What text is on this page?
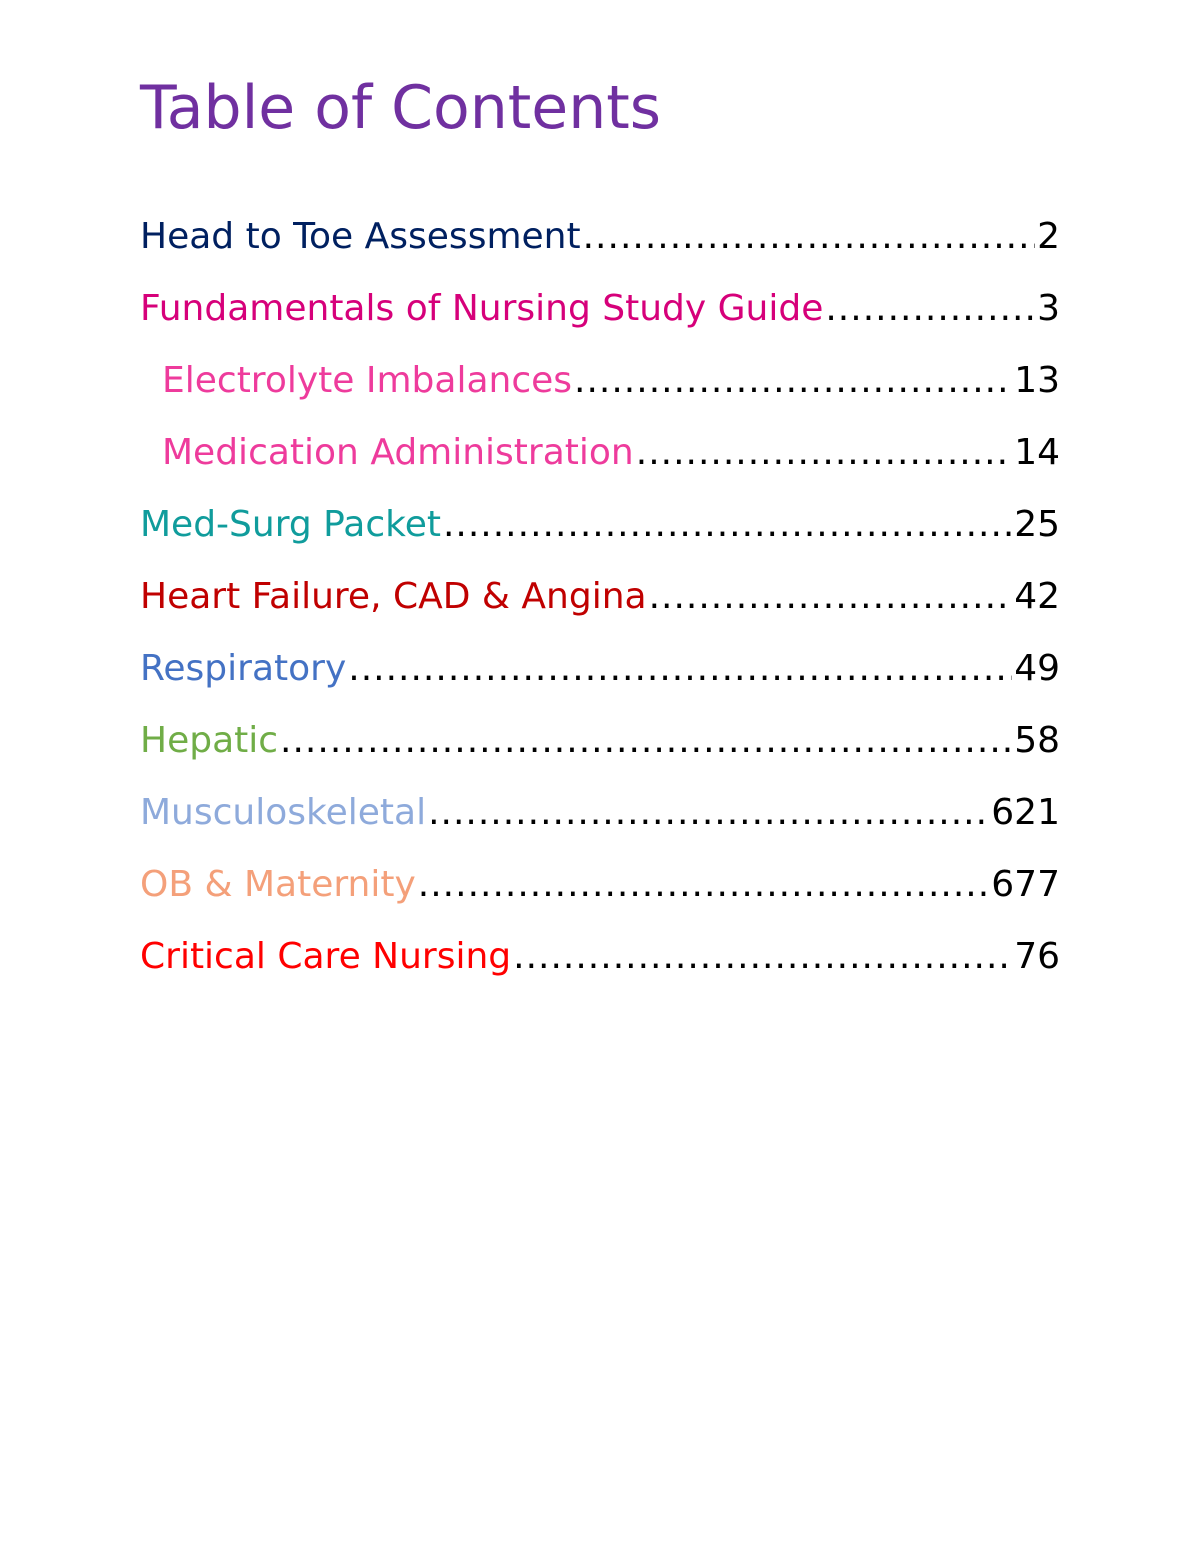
Table of Contents
Head to Toe Assessment .....	2
Fundamentals of Nursing Study Guide .....	3
Electrolyte Imbalances .....	13
Medication Administration .....	14
Med-Surg Packet .....	25
Heart Failure, CAD & Angina .....	42
Respiratory .....	49
Hepatic .....	58
Musculoskeletal .....	621
OB & Maternity .....	677
Critical Care Nursing .....	76
